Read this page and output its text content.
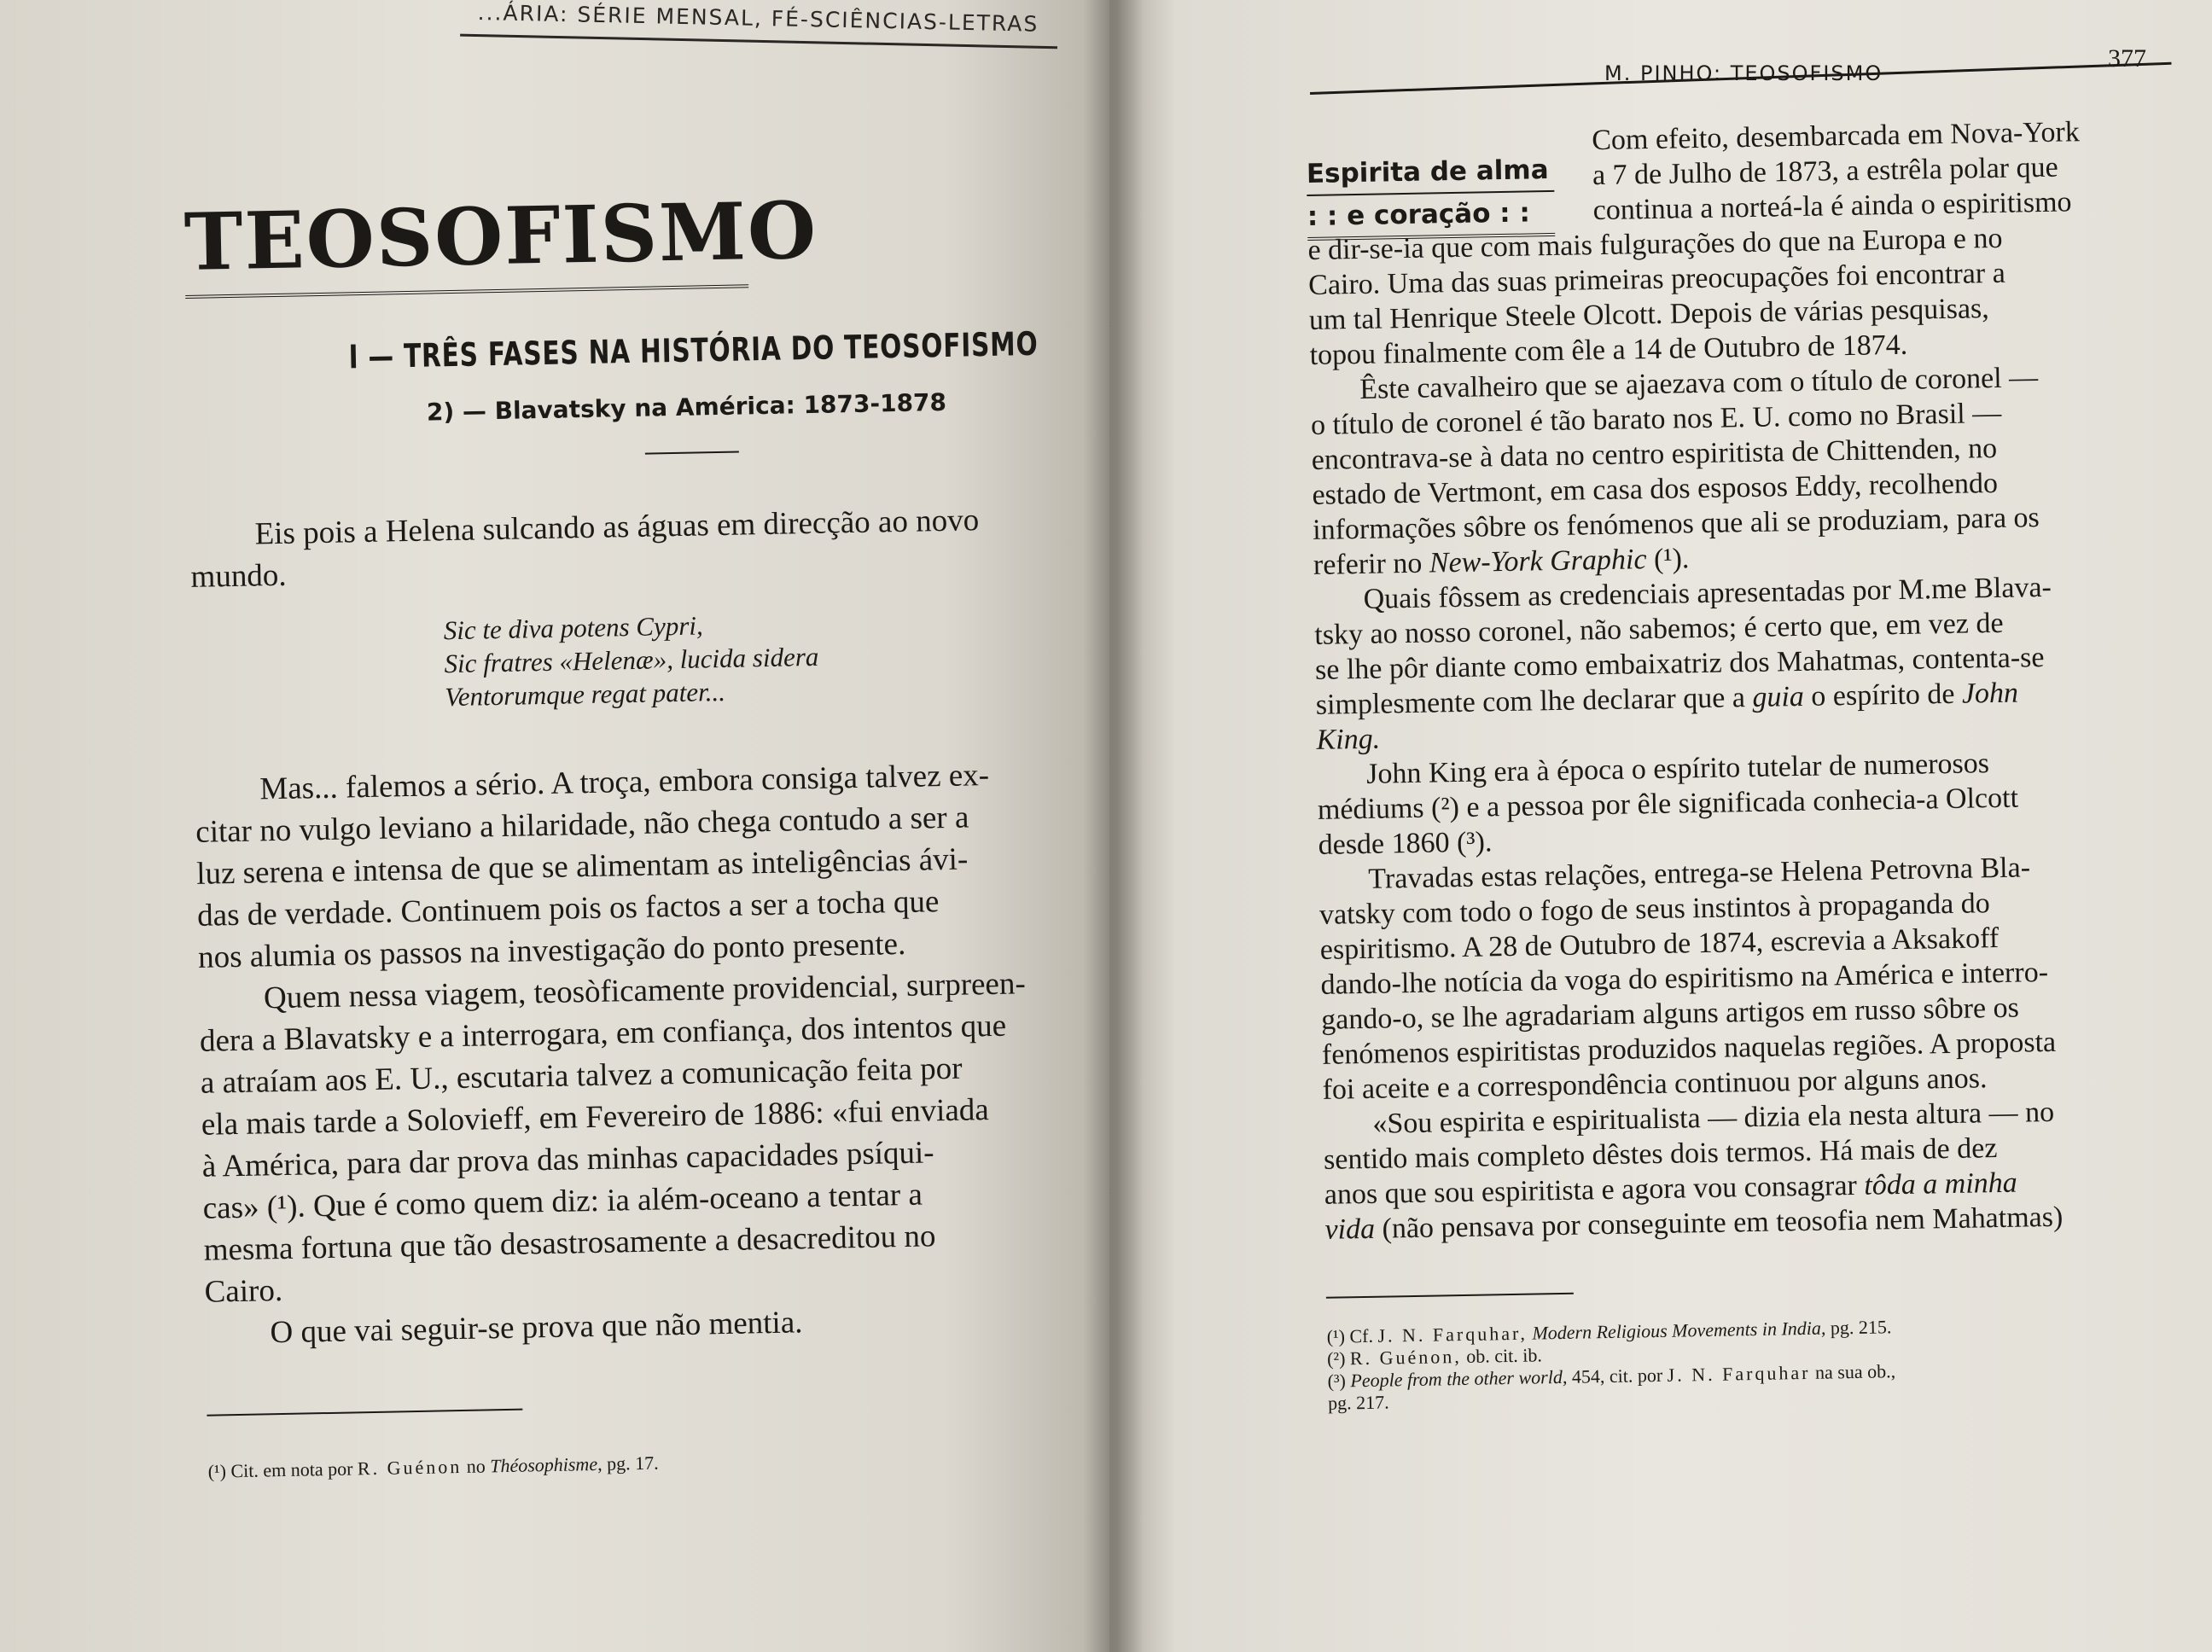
...ÁRIA: SÉRIE MENSAL, FÉ-SCIÊNCIAS-LETRAS
TEOSOFISMO
I — TRÊS FASES NA HISTÓRIA DO TEOSOFISMO
2) — Blavatsky na América: 1873-1878

Eis pois a Helena sulcando as águas em direcção ao novo
mundo.

Sic te diva potens Cypri,
Sic fratres «Helenæ», lucida sidera
Ventorumque regat pater...

Mas... falemos a sério. A troça, embora consiga talvez ex-
citar no vulgo leviano a hilaridade, não chega contudo a ser a
luz serena e intensa de que se alimentam as inteligências ávi-
das de verdade. Continuem pois os factos a ser a tocha que
nos alumia os passos na investigação do ponto presente.

Quem nessa viagem, teosòficamente providencial, surpreen-
dera a Blavatsky e a interrogara, em confiança, dos intentos que
a atraíam aos E. U., escutaria talvez a comunicação feita por
ela mais tarde a Solovieff, em Fevereiro de 1886: «fui enviada
à América, para dar prova das minhas capacidades psíqui-
cas» (¹). Que é como quem diz: ia além-oceano a tentar a
mesma fortuna que tão desastrosamente a desacreditou no
Cairo.

O que vai seguir-se prova que não mentia.

(¹) Cit. em nota por R. Guénon no Théosophisme, pg. 17.
M. PINHO: TEOSOFISMO
377
Espirita de alma
: : e coração : :

Com efeito, desembarcada em Nova-York
a 7 de Julho de 1873, a estrêla polar que
continua a norteá-la é ainda o espiritismo

e dir-se-ia que com mais fulgurações do que na Europa e no
Cairo. Uma das suas primeiras preocupações foi encontrar a
um tal Henrique Steele Olcott. Depois de várias pesquisas,
topou finalmente com êle a 14 de Outubro de 1874.

Êste cavalheiro que se ajaezava com o título de coronel —
o título de coronel é tão barato nos E. U. como no Brasil —
encontrava-se à data no centro espiritista de Chittenden, no
estado de Vertmont, em casa dos esposos Eddy, recolhendo
informações sôbre os fenómenos que ali se produziam, para os
referir no New-York Graphic (¹).

Quais fôssem as credenciais apresentadas por M.me Blava-
tsky ao nosso coronel, não sabemos; é certo que, em vez de
se lhe pôr diante como embaixatriz dos Mahatmas, contenta-se
simplesmente com lhe declarar que a guia o espírito de John
King.

John King era à época o espírito tutelar de numerosos
médiums (²) e a pessoa por êle significada conhecia-a Olcott
desde 1860 (³).

Travadas estas relações, entrega-se Helena Petrovna Bla-
vatsky com todo o fogo de seus instintos à propaganda do
espiritismo. A 28 de Outubro de 1874, escrevia a Aksakoff
dando-lhe notícia da voga do espiritismo na América e interro-
gando-o, se lhe agradariam alguns artigos em russo sôbre os
fenómenos espiritistas produzidos naquelas regiões. A proposta
foi aceite e a correspondência continuou por alguns anos.

«Sou espirita e espiritualista — dizia ela nesta altura — no
sentido mais completo dêstes dois termos. Há mais de dez
anos que sou espiritista e agora vou consagrar tôda a minha
vida (não pensava por conseguinte em teosofia nem Mahatmas)

(¹) Cf. J. N. Farquhar, Modern Religious Movements in India, pg. 215.
(²) R. Guénon, ob. cit. ib.
(³) People from the other world, 454, cit. por J. N. Farquhar na sua ob.,
pg. 217.
